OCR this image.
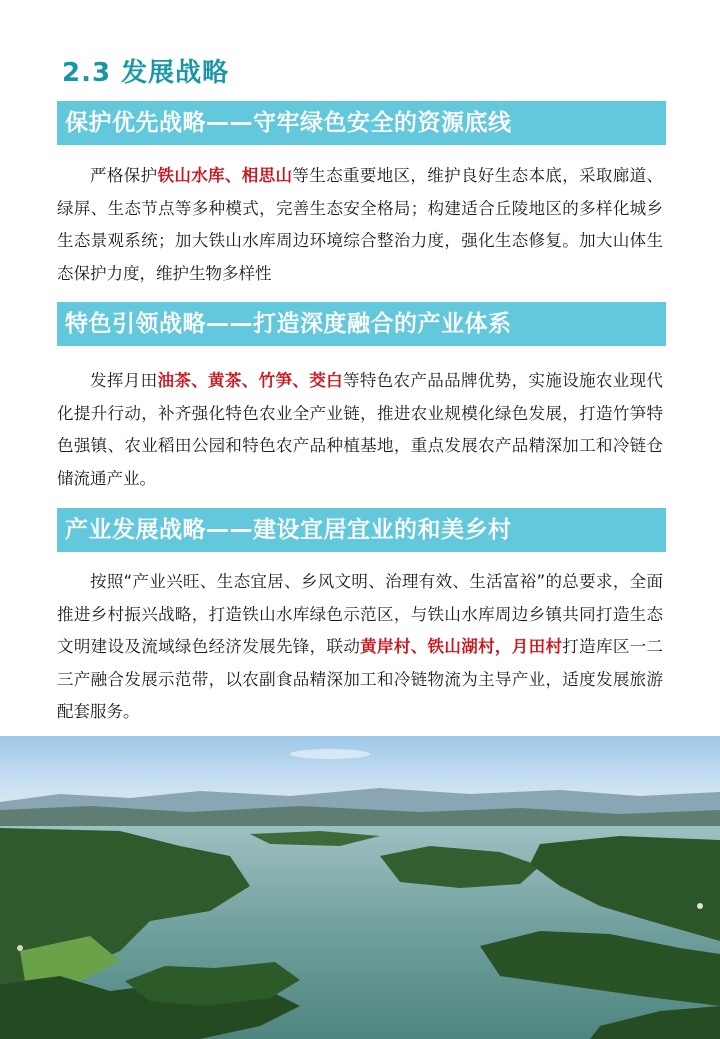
2.3 发展战略
保护优先战略——守牢绿色安全的资源底线

严格保护铁山水库、相思山等生态重要地区，维护良好生态本底，采取廊道、绿屏、生态节点等多种模式，完善生态安全格局；构建适合丘陵地区的多样化城乡生态景观系统；加大铁山水库周边环境综合整治力度，强化生态修复。加大山体生态保护力度，维护生物多样性

特色引领战略——打造深度融合的产业体系

发挥月田油茶、黄茶、竹笋、茭白等特色农产品品牌优势，实施设施农业现代化提升行动，补齐强化特色农业全产业链，推进农业规模化绿色发展，打造竹笋特色强镇、农业稻田公园和特色农产品种植基地，重点发展农产品精深加工和冷链仓储流通产业。

产业发展战略——建设宜居宜业的和美乡村

按照“产业兴旺、生态宜居、乡风文明、治理有效、生活富裕”的总要求，全面推进乡村振兴战略，打造铁山水库绿色示范区，与铁山水库周边乡镇共同打造生态文明建设及流域绿色经济发展先锋，联动黄岸村、铁山湖村，月田村打造库区一二三产融合发展示范带，以农副食品精深加工和冷链物流为主导产业，适度发展旅游配套服务。
